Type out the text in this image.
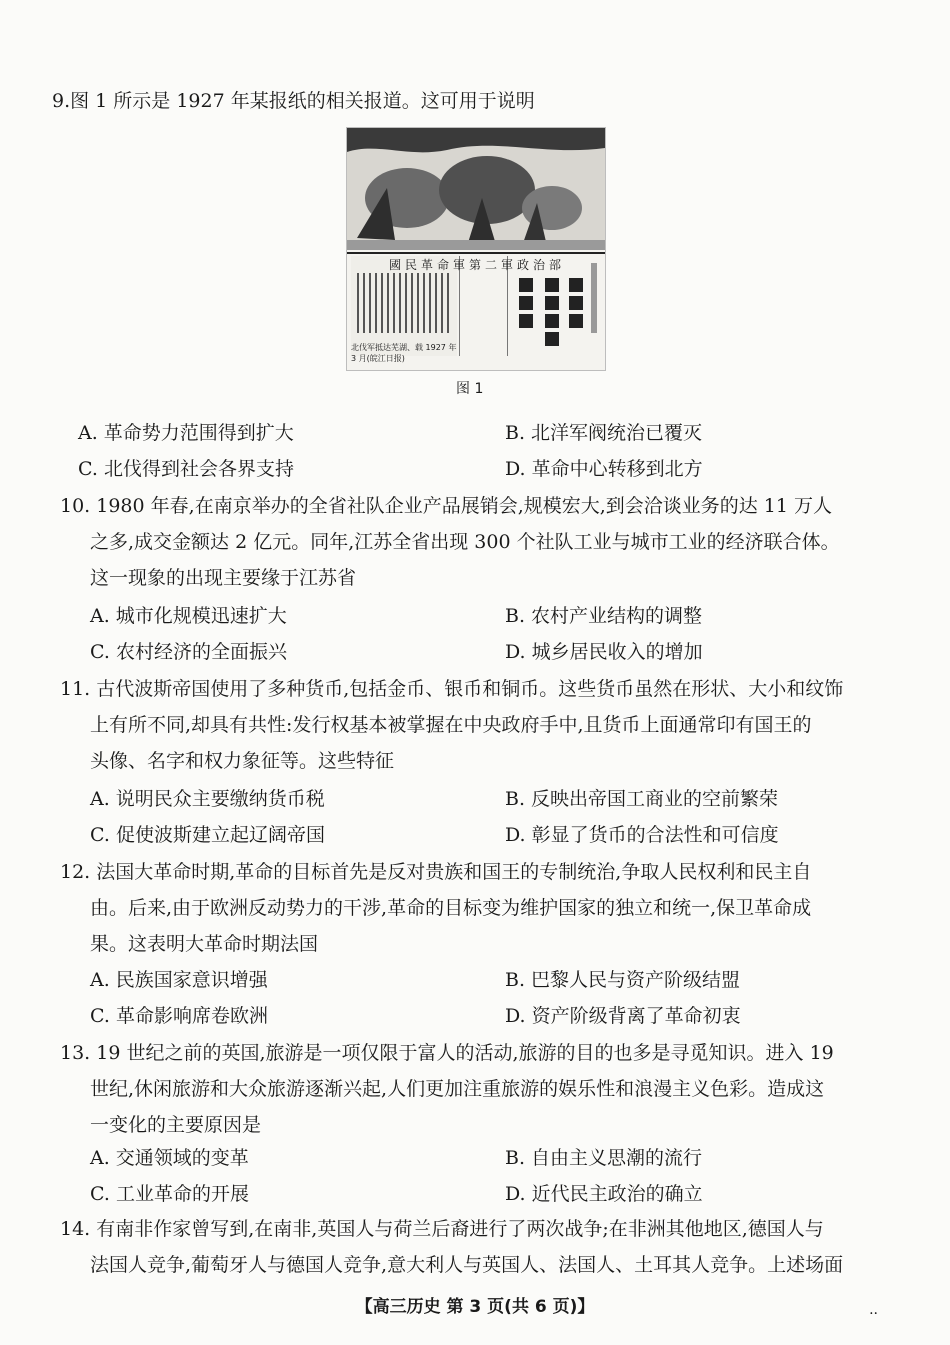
9.图 1 所示是 1927 年某报纸的相关报道。这可用于说明
國民革命軍第二軍政治部
北伐军抵达芜湖、载 1927 年 3 月(皖江日报)
图 1
A. 革命势力范围得到扩大	B. 北洋军阀统治已覆灭
C. 北伐得到社会各界支持	D. 革命中心转移到北方
10. 1980 年春,在南京举办的全省社队企业产品展销会,规模宏大,到会洽谈业务的达 11 万人
之多,成交金额达 2 亿元。同年,江苏全省出现 300 个社队工业与城市工业的经济联合体。
这一现象的出现主要缘于江苏省
A. 城市化规模迅速扩大	B. 农村产业结构的调整
C. 农村经济的全面振兴	D. 城乡居民收入的增加
11. 古代波斯帝国使用了多种货币,包括金币、银币和铜币。这些货币虽然在形状、大小和纹饰
上有所不同,却具有共性:发行权基本被掌握在中央政府手中,且货币上面通常印有国王的
头像、名字和权力象征等。这些特征
A. 说明民众主要缴纳货币税	B. 反映出帝国工商业的空前繁荣
C. 促使波斯建立起辽阔帝国	D. 彰显了货币的合法性和可信度
12. 法国大革命时期,革命的目标首先是反对贵族和国王的专制统治,争取人民权利和民主自
由。后来,由于欧洲反动势力的干涉,革命的目标变为维护国家的独立和统一,保卫革命成
果。这表明大革命时期法国
A. 民族国家意识增强	B. 巴黎人民与资产阶级结盟
C. 革命影响席卷欧洲	D. 资产阶级背离了革命初衷
13. 19 世纪之前的英国,旅游是一项仅限于富人的活动,旅游的目的也多是寻觅知识。进入 19
世纪,休闲旅游和大众旅游逐渐兴起,人们更加注重旅游的娱乐性和浪漫主义色彩。造成这
一变化的主要原因是
A. 交通领域的变革	B. 自由主义思潮的流行
C. 工业革命的开展	D. 近代民主政治的确立
14. 有南非作家曾写到,在南非,英国人与荷兰后裔进行了两次战争;在非洲其他地区,德国人与
法国人竞争,葡萄牙人与德国人竞争,意大利人与英国人、法国人、土耳其人竞争。上述场面
【高三历史 第 3 页(共 6 页)】	..
